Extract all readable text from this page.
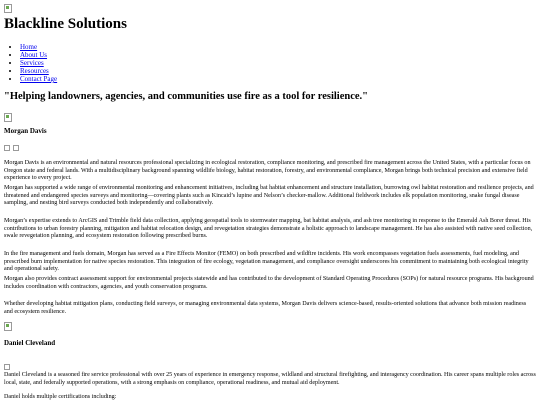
Blackline Solutions
• Home
• About Us
• Services
• Resources
• Contact Page
"Helping landowners, agencies, and communities use fire as a tool for resilience."
Morgan Davis

Morgan Davis is an environmental and natural resources professional specializing in ecological restoration, compliance monitoring, and prescribed fire management across the United States, with a particular focus on Oregon state and federal lands. With a multidisciplinary background spanning wildlife biology, habitat restoration, forestry, and environmental compliance, Morgan brings both technical precision and extensive field experience to every project.

Morgan has supported a wide range of environmental monitoring and enhancement initiatives, including bat habitat enhancement and structure installation, burrowing owl habitat restoration and resilience projects, and threatened and endangered species surveys and monitoring—covering plants such as Kincaid’s lupine and Nelson’s checker-mallow. Additional fieldwork includes elk population monitoring, snake fungal disease sampling, and nesting bird surveys conducted both independently and collaboratively.

Morgan’s expertise extends to ArcGIS and Trimble field data collection, applying geospatial tools to stormwater mapping, bat habitat analysis, and ash tree monitoring in response to the Emerald Ash Borer threat. His contributions to urban forestry planning, mitigation and habitat relocation design, and revegetation strategies demonstrate a holistic approach to landscape management. He has also assisted with native seed collection, swale revegetation planning, and ecosystem restoration following prescribed burns.

In the fire management and fuels domain, Morgan has served as a Fire Effects Monitor (FEMO) on both prescribed and wildfire incidents. His work encompasses vegetation fuels assessments, fuel modeling, and prescribed burn implementation for native species restoration. This integration of fire ecology, vegetation management, and compliance oversight underscores his commitment to maintaining both ecological integrity and operational safety.

Morgan also provides contract assessment support for environmental projects statewide and has contributed to the development of Standard Operating Procedures (SOPs) for natural resource programs. His background includes coordination with contractors, agencies, and youth conservation programs.

Whether developing habitat mitigation plans, conducting field surveys, or managing environmental data systems, Morgan Davis delivers science-based, results-oriented solutions that advance both mission readiness and ecosystem resilience.

Daniel Cleveland

Daniel Cleveland is a seasoned fire service professional with over 25 years of experience in emergency response, wildland and structural firefighting, and interagency coordination. His career spans multiple roles across local, state, and federally supported operations, with a strong emphasis on compliance, operational readiness, and mutual aid deployment.

Daniel holds multiple certifications including:
